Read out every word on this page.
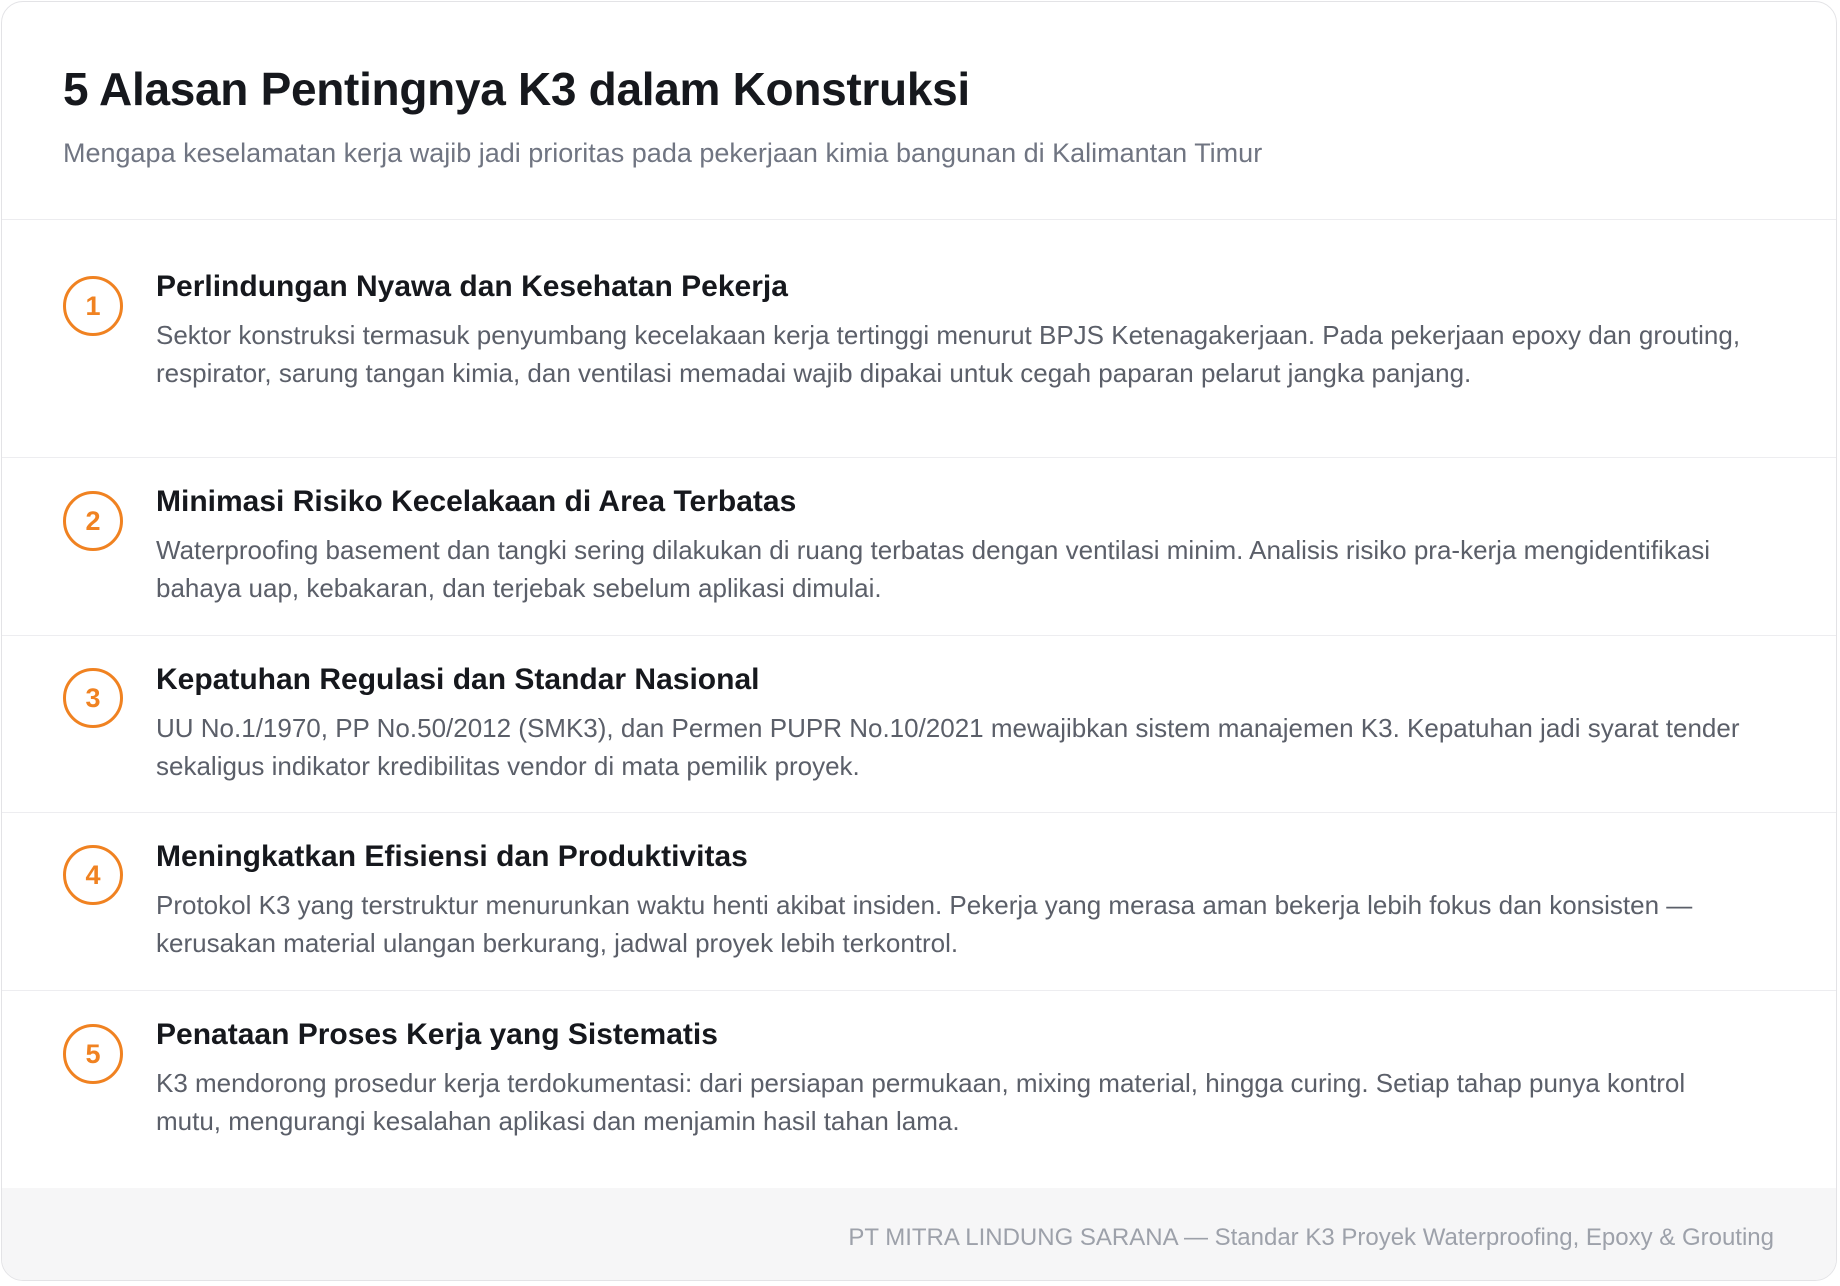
5 Alasan Pentingnya K3 dalam Konstruksi

Mengapa keselamatan kerja wajib jadi prioritas pada pekerjaan kimia bangunan di Kalimantan Timur

1
Perlindungan Nyawa dan Kesehatan Pekerja

Sektor konstruksi termasuk penyumbang kecelakaan kerja tertinggi menurut BPJS Ketenagakerjaan. Pada pekerjaan epoxy dan grouting, respirator, sarung tangan kimia, dan ventilasi memadai wajib dipakai untuk cegah paparan pelarut jangka panjang.

2
Minimasi Risiko Kecelakaan di Area Terbatas

Waterproofing basement dan tangki sering dilakukan di ruang terbatas dengan ventilasi minim. Analisis risiko pra-kerja mengidentifikasi bahaya uap, kebakaran, dan terjebak sebelum aplikasi dimulai.

3
Kepatuhan Regulasi dan Standar Nasional

UU No.1/1970, PP No.50/2012 (SMK3), dan Permen PUPR No.10/2021 mewajibkan sistem manajemen K3. Kepatuhan jadi syarat tender sekaligus indikator kredibilitas vendor di mata pemilik proyek.

4
Meningkatkan Efisiensi dan Produktivitas

Protokol K3 yang terstruktur menurunkan waktu henti akibat insiden. Pekerja yang merasa aman bekerja lebih fokus dan konsisten — kerusakan material ulangan berkurang, jadwal proyek lebih terkontrol.

5
Penataan Proses Kerja yang Sistematis

K3 mendorong prosedur kerja terdokumentasi: dari persiapan permukaan, mixing material, hingga curing. Setiap tahap punya kontrol mutu, mengurangi kesalahan aplikasi dan menjamin hasil tahan lama.

PT MITRA LINDUNG SARANA — Standar K3 Proyek Waterproofing, Epoxy & Grouting
